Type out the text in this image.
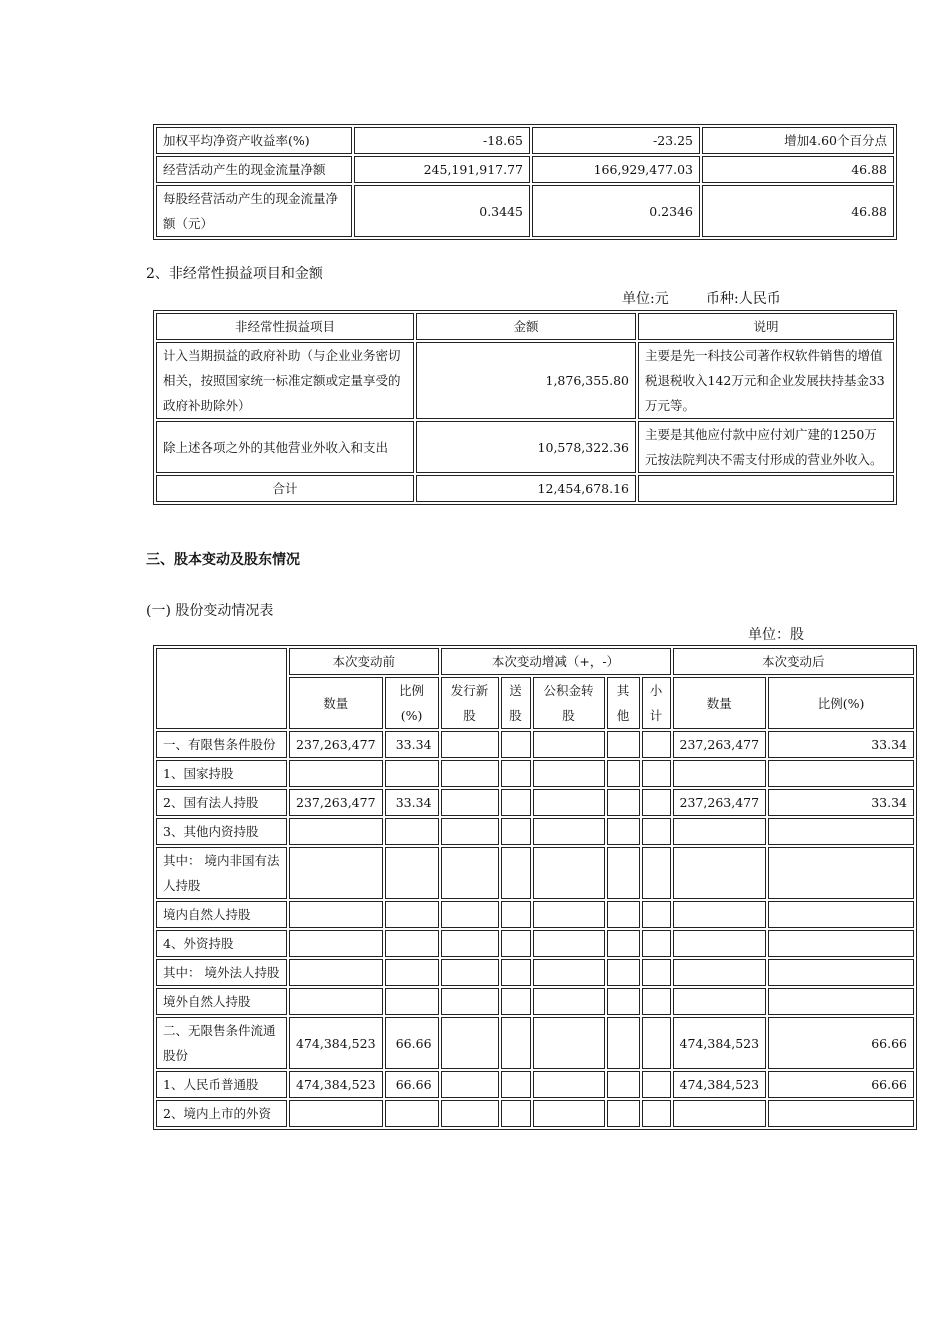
加权平均净资产收益率(%)	-18.65	-23.25	增加4.60个百分点
经营活动产生的现金流量净额	245,191,917.77	166,929,477.03	46.88
每股经营活动产生的现金流量净额（元）	0.3445	0.2346	46.88
2、非经常性损益项目和金额
单位:元	币种:人民币
非经常性损益项目	金额	说明
计入当期损益的政府补助（与企业业务密切相关，按照国家统一标准定额或定量享受的政府补助除外）	1,876,355.80	主要是先一科技公司著作权软件销售的增值税退税收入142万元和企业发展扶持基金33万元等。
除上述各项之外的其他营业外收入和支出	10,578,322.36	主要是其他应付款中应付刘广建的1250万元按法院判决不需支付形成的营业外收入。
合计	12,454,678.16	
三、股本变动及股东情况
(一) 股份变动情况表
单位：股
	本次变动前		本次变动增减（+，-）					本次变动后	
	数量	比例(%)	发行新股	送股	公积金转股	其他	小计	数量	比例(%)
一、有限售条件股份	237,263,477	33.34						237,263,477	33.34
1、国家持股									
2、国有法人持股	237,263,477	33.34						237,263,477	33.34
3、其他内资持股									
其中： 境内非国有法人持股									
境内自然人持股									
4、外资持股									
其中： 境外法人持股									
境外自然人持股									
二、无限售条件流通股份	474,384,523	66.66						474,384,523	66.66
1、人民币普通股	474,384,523	66.66						474,384,523	66.66
2、境内上市的外资									
